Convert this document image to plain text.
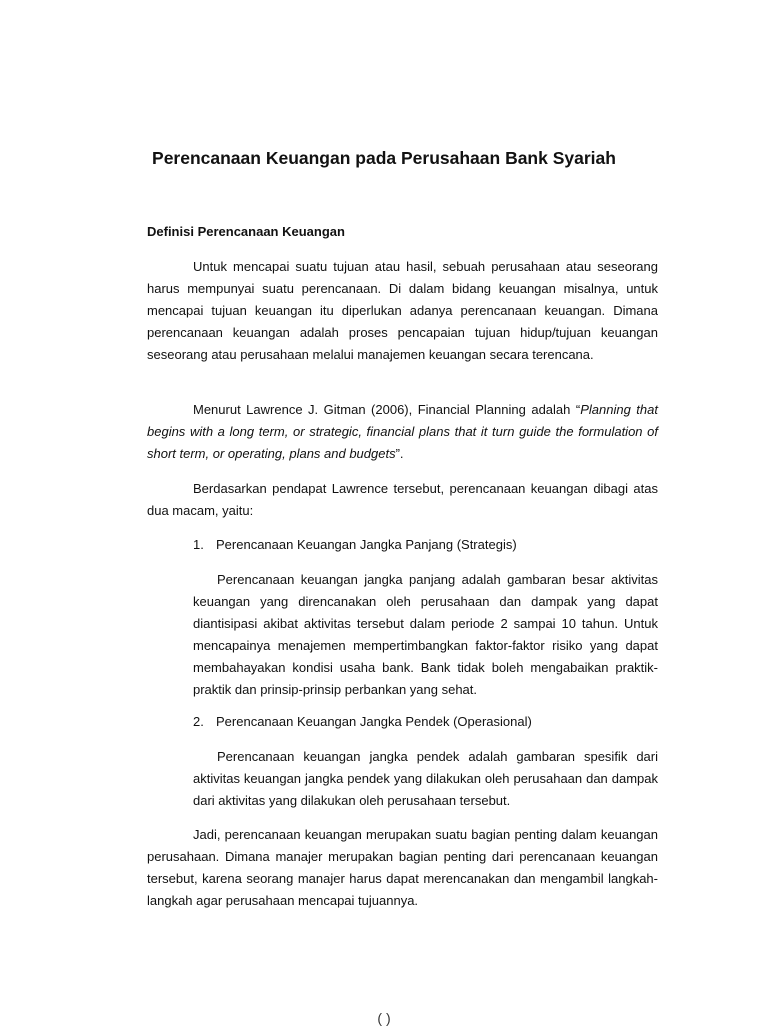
Perencanaan Keuangan pada Perusahaan Bank Syariah
Definisi Perencanaan Keuangan

Untuk mencapai suatu tujuan atau hasil, sebuah perusahaan atau seseorang harus mempunyai suatu perencanaan. Di dalam bidang keuangan misalnya, untuk mencapai tujuan keuangan itu diperlukan adanya perencanaan keuangan. Dimana perencanaan keuangan adalah proses pencapaian tujuan hidup/tujuan keuangan seseorang atau perusahaan melalui manajemen keuangan secara terencana.

Menurut Lawrence J. Gitman (2006), Financial Planning adalah “Planning that begins with a long term, or strategic, financial plans that it turn guide the formulation of short term, or operating, plans and budgets”.

Berdasarkan pendapat Lawrence tersebut, perencanaan keuangan dibagi atas dua macam, yaitu:

1. Perencanaan Keuangan Jangka Panjang (Strategis)

Perencanaan keuangan jangka panjang adalah gambaran besar aktivitas keuangan yang direncanakan oleh perusahaan dan dampak yang dapat diantisipasi akibat aktivitas tersebut dalam periode 2 sampai 10 tahun. Untuk mencapainya menajemen mempertimbangkan faktor-faktor risiko yang dapat membahayakan kondisi usaha bank. Bank tidak boleh mengabaikan praktik-praktik dan prinsip-prinsip perbankan yang sehat.

2. Perencanaan Keuangan Jangka Pendek (Operasional)

Perencanaan keuangan jangka pendek adalah gambaran spesifik dari aktivitas keuangan jangka pendek yang dilakukan oleh perusahaan dan dampak dari aktivitas yang dilakukan oleh perusahaan tersebut.

Jadi, perencanaan keuangan merupakan suatu bagian penting dalam keuangan perusahaan. Dimana manajer merupakan bagian penting dari perencanaan keuangan tersebut, karena seorang manajer harus dapat merencanakan dan mengambil langkah-langkah agar perusahaan mencapai tujuannya.

( )
